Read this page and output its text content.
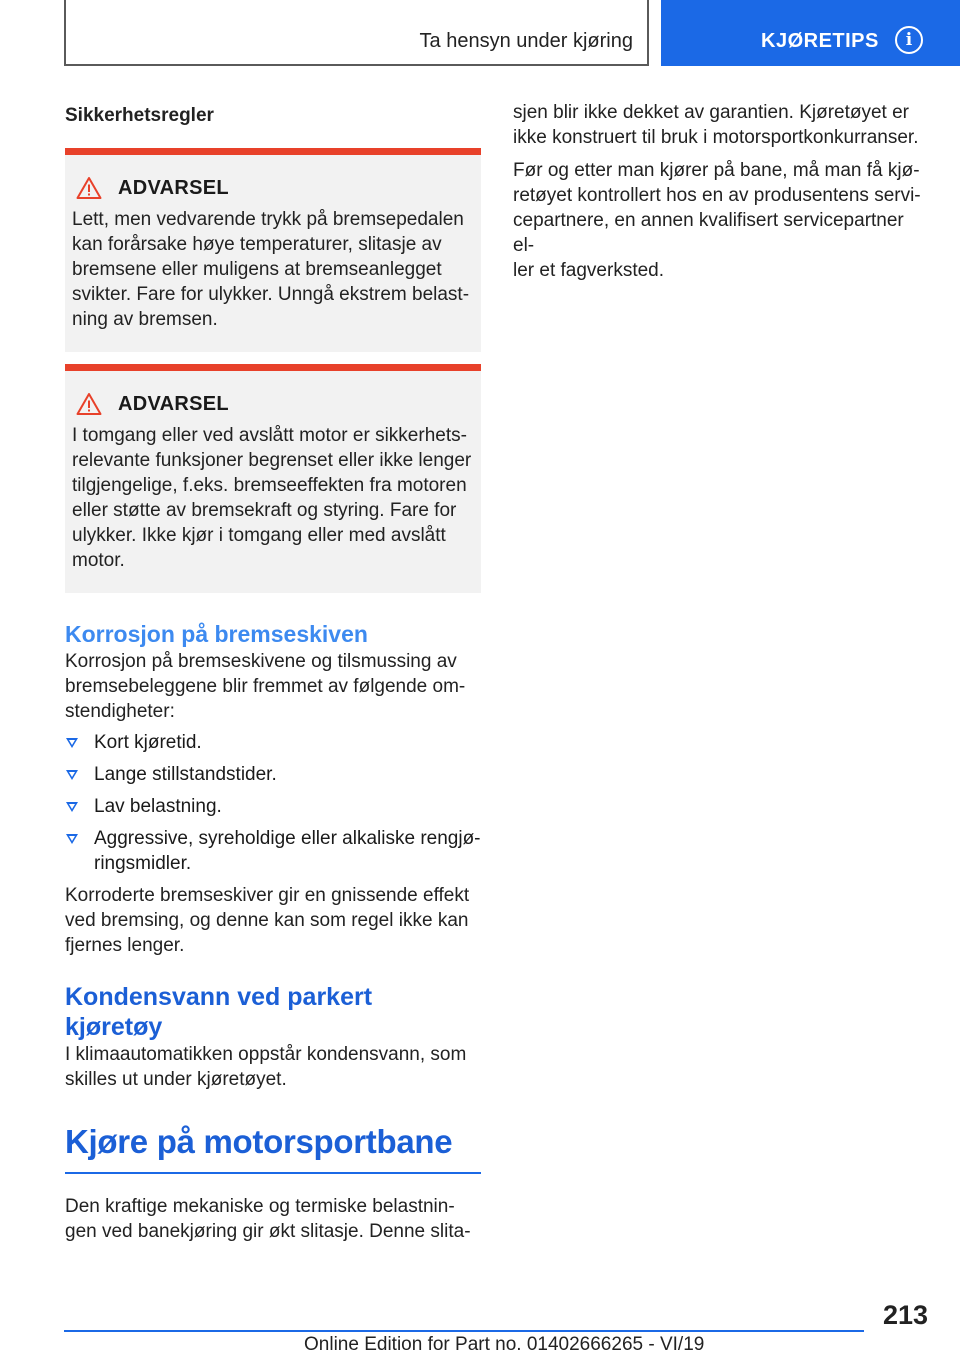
Ta hensyn under kjøring	KJØRETIPS	i
Sikkerhetsregler
ADVARSEL

Lett, men vedvarende trykk på bremsepedalen
kan forårsake høye temperaturer, slitasje av
bremsene eller muligens at bremseanlegget
svikter. Fare for ulykker. Unngå ekstrem belast-
ning av bremsen.

ADVARSEL

I tomgang eller ved avslått motor er sikkerhets-
relevante funksjoner begrenset eller ikke lenger
tilgjengelige, f.eks. bremseeffekten fra motoren
eller støtte av bremsekraft og styring. Fare for
ulykker. Ikke kjør i tomgang eller med avslått
motor.

Korrosjon på bremseskiven

Korrosjon på bremseskivene og tilsmussing av
bremsebeleggene blir fremmet av følgende om-
stendigheter:

Kort kjøretid.
Lange stillstandstider.
Lav belastning.
Aggressive, syreholdige eller alkaliske rengjø-
ringsmidler.

Korroderte bremseskiver gir en gnissende effekt
ved bremsing, og denne kan som regel ikke kan
fjernes lenger.

Kondensvann ved parkert
kjøretøy

I klimaautomatikken oppstår kondensvann, som
skilles ut under kjøretøyet.

Kjøre på motorsportbane

Den kraftige mekaniske og termiske belastnin-
gen ved banekjøring gir økt slitasje. Denne slita-

sjen blir ikke dekket av garantien. Kjøretøyet er
ikke konstruert til bruk i motorsportkonkurranser.

Før og etter man kjører på bane, må man få kjø-
retøyet kontrollert hos en av produsentens servi-
cepartnere, en annen kvalifisert servicepartner el-
ler et fagverksted.

213
Online Edition for Part no. 01402666265 - VI/19
